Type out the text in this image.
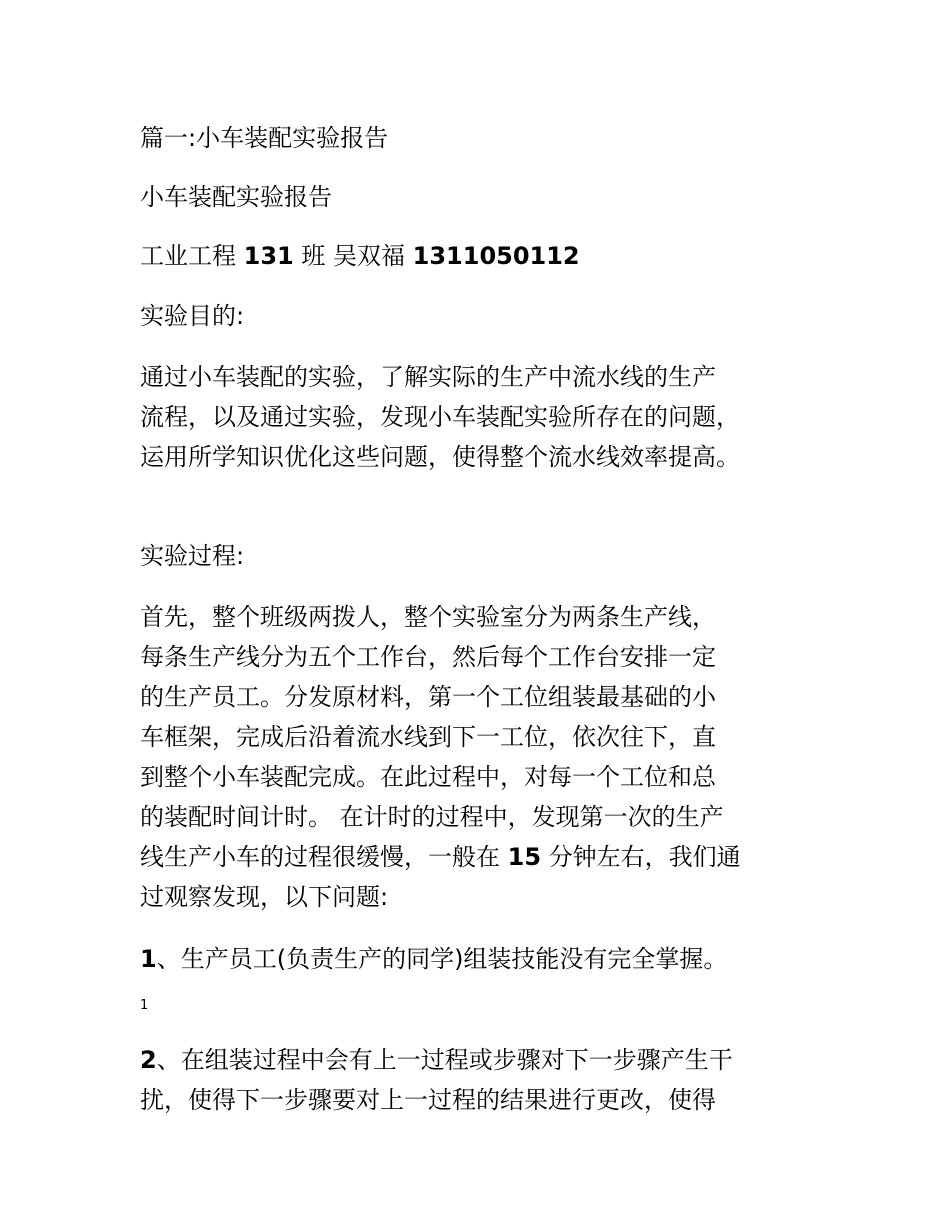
篇一:小车装配实验报告

小车装配实验报告

工业工程 131 班 吴双福 1311050112

实验目的:

通过小车装配的实验，了解实际的生产中流水线的生产
流程，以及通过实验，发现小车装配实验所存在的问题，
运用所学知识优化这些问题，使得整个流水线效率提高。

实验过程:

首先，整个班级两拨人，整个实验室分为两条生产线，
每条生产线分为五个工作台，然后每个工作台安排一定
的生产员工。分发原材料，第一个工位组装最基础的小
车框架，完成后沿着流水线到下一工位，依次往下，直
到整个小车装配完成。在此过程中，对每一个工位和总
的装配时间计时。 在计时的过程中，发现第一次的生产
线生产小车的过程很缓慢，一般在 15 分钟左右，我们通
过观察发现，以下问题:

1、生产员工(负责生产的同学)组装技能没有完全掌握。

1
2、在组装过程中会有上一过程或步骤对下一步骤产生干
扰，使得下一步骤要对上一过程的结果进行更改，使得
